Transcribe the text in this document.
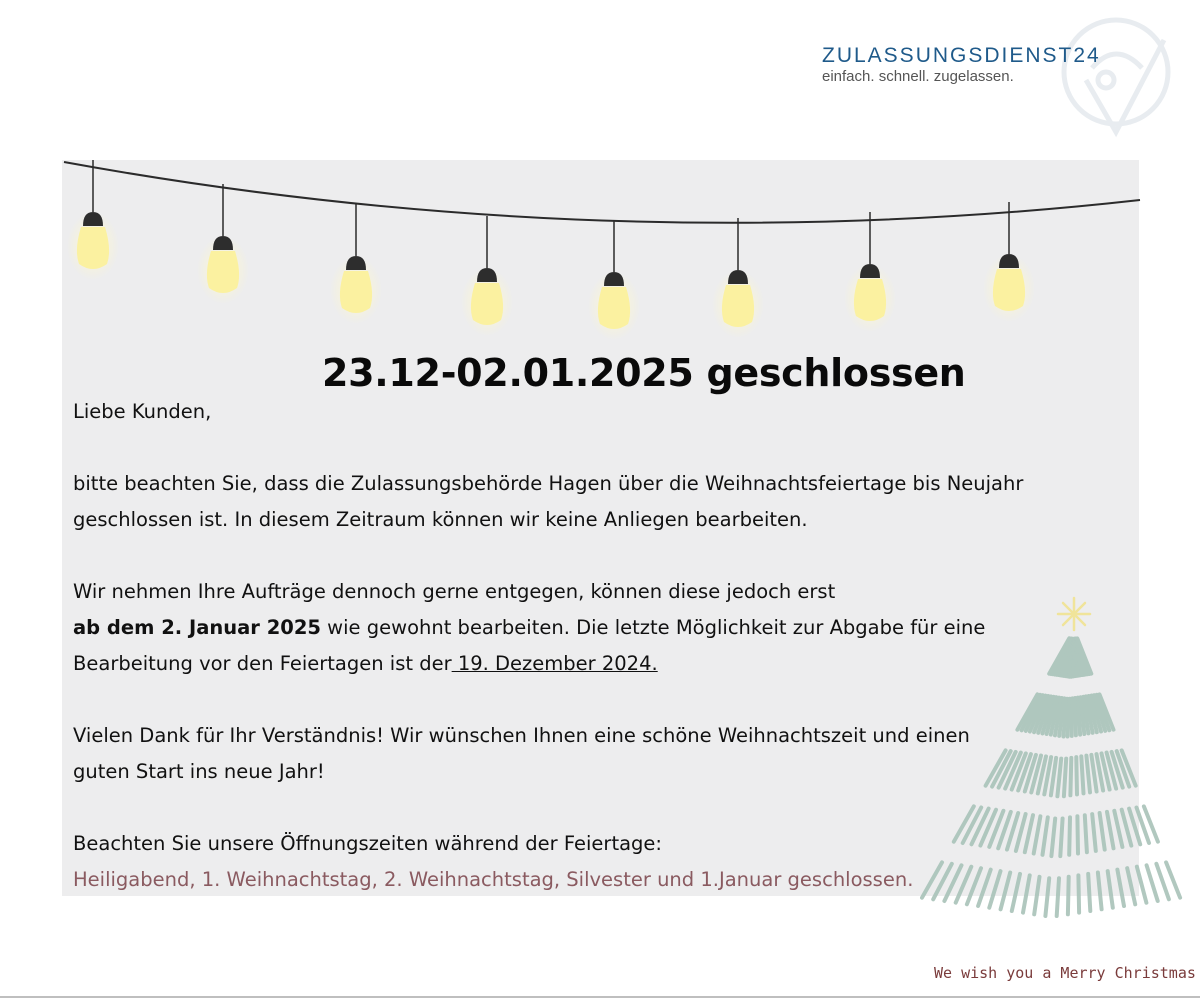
ZULASSUNGSDIENST24
einfach. schnell. zugelassen.
23.12-02.01.2025 geschlossen

Liebe Kunden,

bitte beachten Sie, dass die Zulassungsbehörde Hagen über die Weihnachtsfeiertage bis Neujahr

geschlossen ist. In diesem Zeitraum können wir keine Anliegen bearbeiten.

Wir nehmen Ihre Aufträge dennoch gerne entgegen, können diese jedoch erst

ab dem 2. Januar 2025 wie gewohnt bearbeiten. Die letzte Möglichkeit zur Abgabe für eine

Bearbeitung vor den Feiertagen ist der 19. Dezember 2024.

Vielen Dank für Ihr Verständnis! Wir wünschen Ihnen eine schöne Weihnachtszeit und einen

guten Start ins neue Jahr!

Beachten Sie unsere Öffnungszeiten während der Feiertage:

Heiligabend, 1. Weihnachtstag, 2. Weihnachtstag, Silvester und 1.Januar geschlossen.

We wish you a Merry Christmas
